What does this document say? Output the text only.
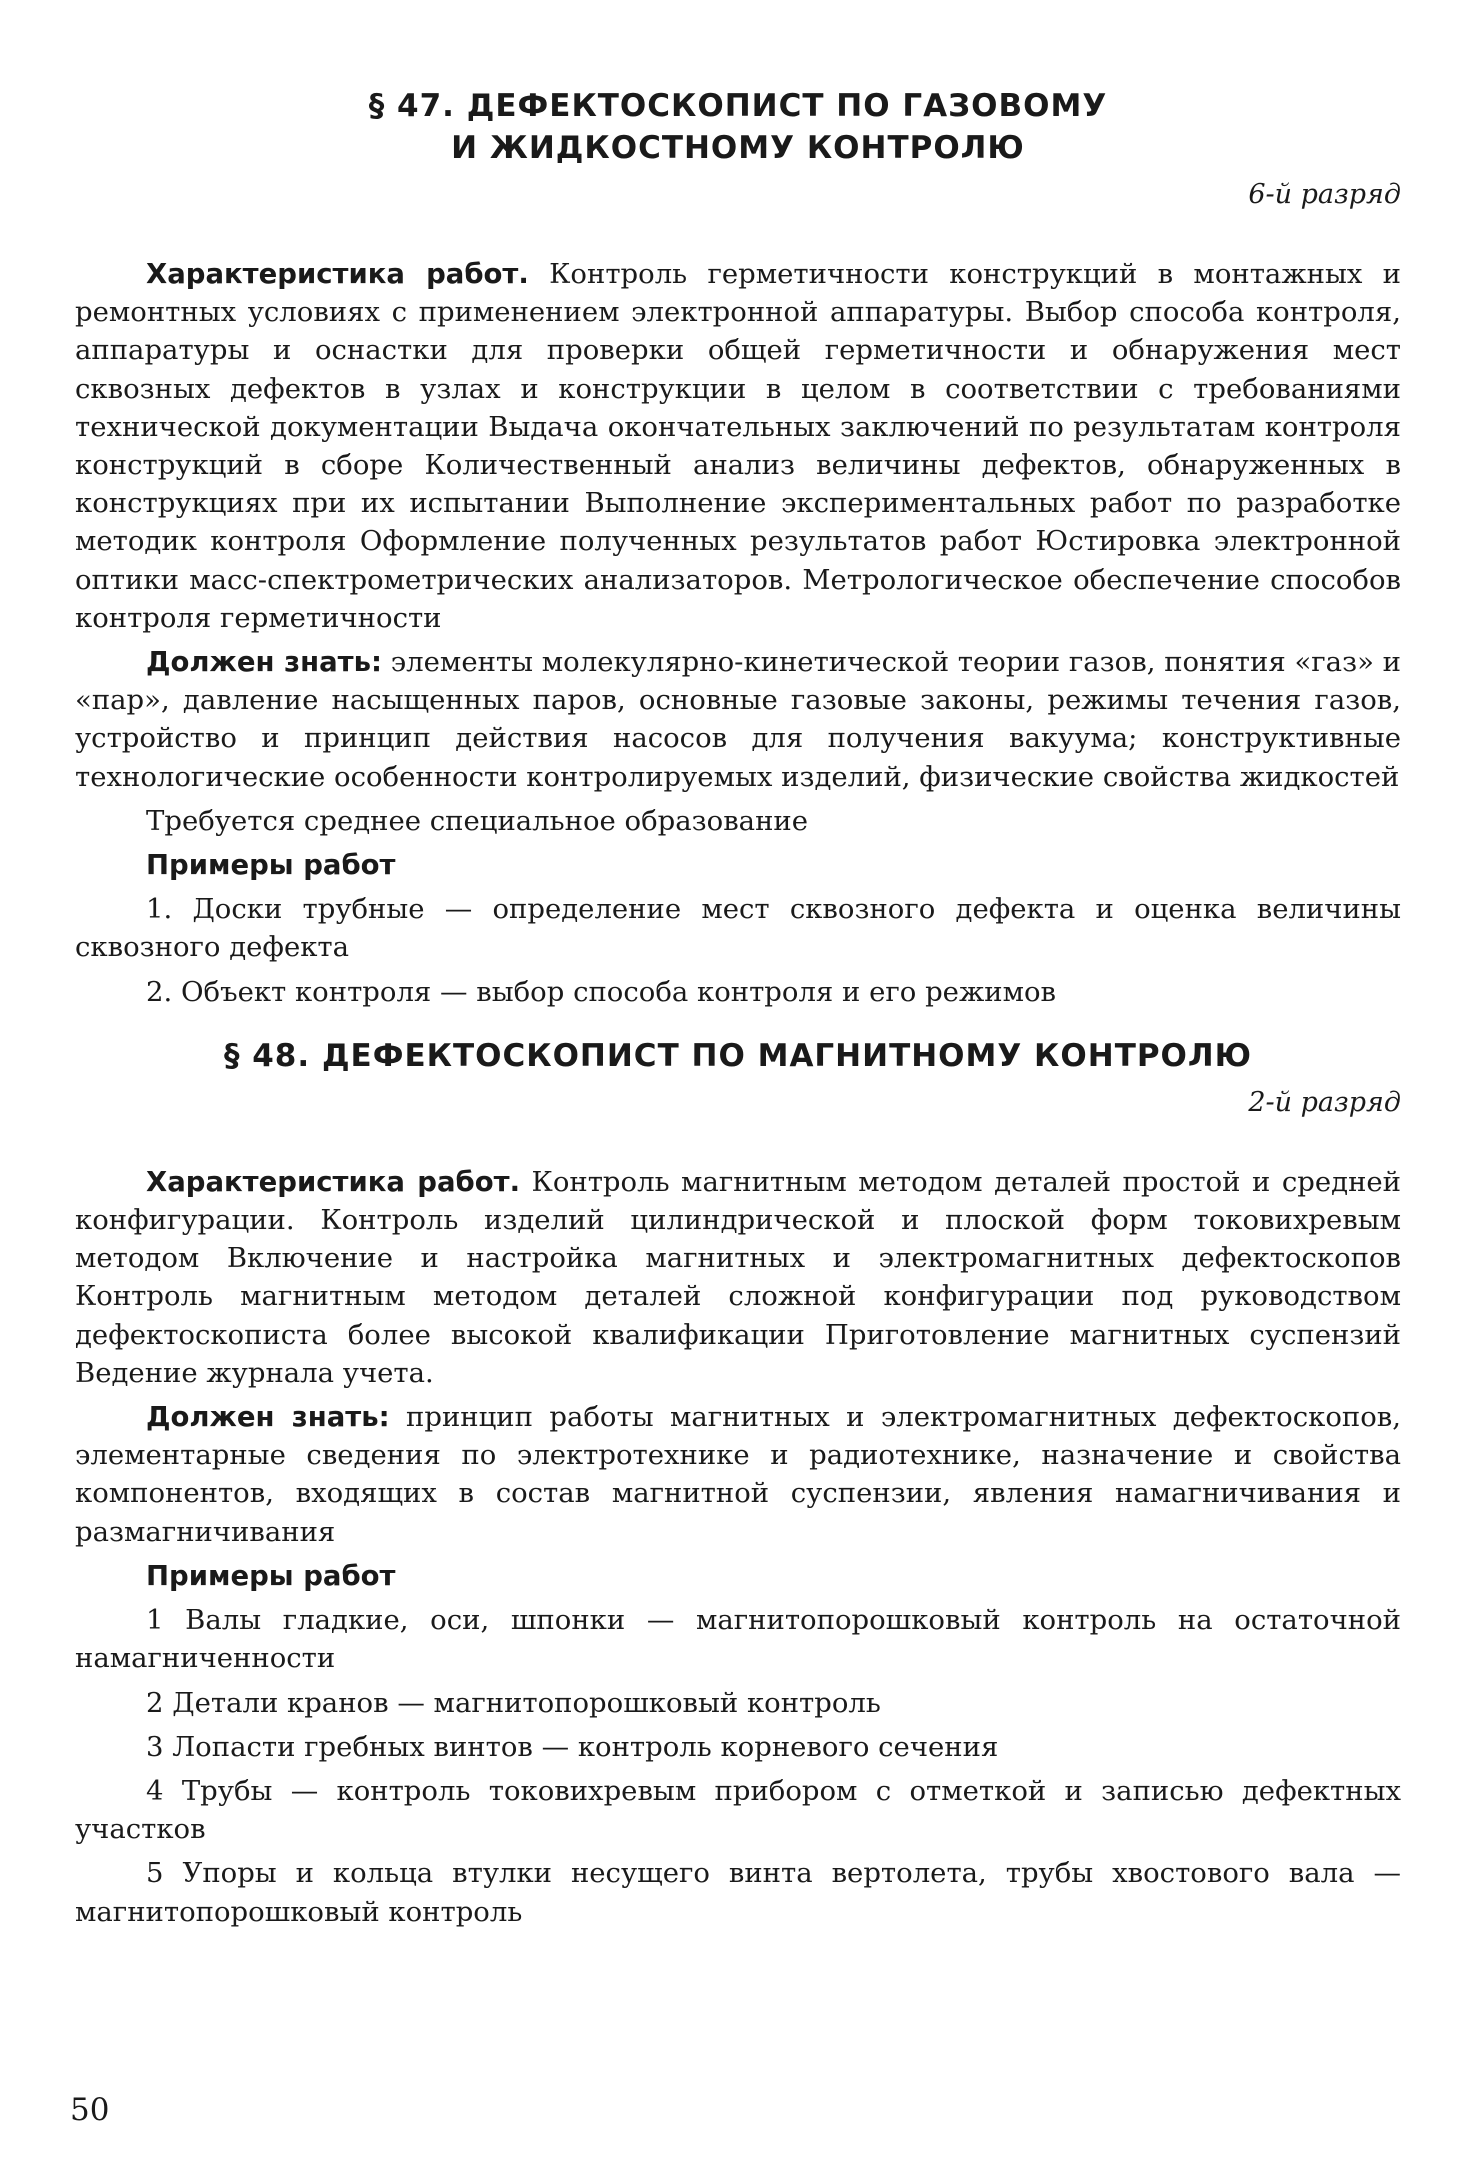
§ 47. ДЕФЕКТОСКОПИСТ ПО ГАЗОВОМУ
И ЖИДКОСТНОМУ КОНТРОЛЮ
6-й разряд

Характеристика работ. Контроль герметичности конструкций в монтажных и ремонтных условиях с применением электронной аппаратуры. Выбор способа контроля, аппаратуры и оснастки для проверки общей герметичности и обнаружения мест сквозных дефектов в узлах и конструкции в целом в соответствии с требованиями технической документации Выдача окончательных заключений по результатам контроля конструкций в сборе Количественный анализ величины дефектов, обнаруженных в конструкциях при их испытании Выполнение экспериментальных работ по разработке методик контроля Оформление полученных результатов работ Юстировка электронной оптики масс-спектрометрических анализаторов. Метрологическое обеспечение способов контроля герметичности

Должен знать: элементы молекулярно-кинетической теории газов, понятия «газ» и «пар», давление насыщенных паров, основные газовые законы, режимы течения газов, устройство и принцип действия насосов для получения вакуума; конструктивные технологические особенности контролируемых изделий, физические свойства жидкостей

Требуется среднее специальное образование

Примеры работ

1. Доски трубные — определение мест сквозного дефекта и оценка величины сквозного дефекта

2. Объект контроля — выбор способа контроля и его режимов

§ 48. ДЕФЕКТОСКОПИСТ ПО МАГНИТНОМУ КОНТРОЛЮ
2-й разряд

Характеристика работ. Контроль магнитным методом деталей простой и средней конфигурации. Контроль изделий цилиндрической и плоской форм токовихревым методом Включение и настройка магнитных и электромагнитных дефектоскопов Контроль магнитным методом деталей сложной конфигурации под руководством дефектоскописта более высокой квалификации Приготовление магнитных суспензий Ведение журнала учета.

Должен знать: принцип работы магнитных и электромагнитных дефектоскопов, элементарные сведения по электротехнике и радиотехнике, назначение и свойства компонентов, входящих в состав магнитной суспензии, явления намагничивания и размагничивания

Примеры работ

1 Валы гладкие, оси, шпонки — магнитопорошковый контроль на остаточной намагниченности

2 Детали кранов — магнитопорошковый контроль

3 Лопасти гребных винтов — контроль корневого сечения

4 Трубы — контроль токовихревым прибором с отметкой и записью дефектных участков

5 Упоры и кольца втулки несущего винта вертолета, трубы хвостового вала — магнитопорошковый контроль

50
